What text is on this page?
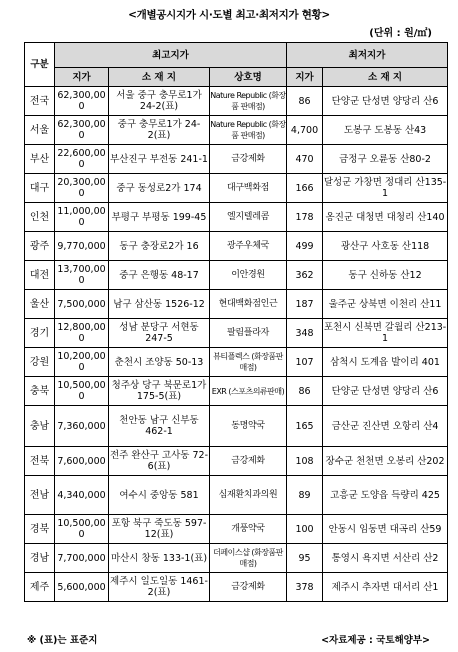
<개별공시지가 시·도별 최고·최저지가 현황>
(단위 : 원/㎡)
구분	최고지가			최저지가	
	지가	소 재 지	상호명	지가	소 재 지
전국	62,300,000	서울 중구 충무로1가 24-2(표)	Nature Republic (화장품 판매점)	86	단양군 단성면 양당리 산6
서울	62,300,000	중구 충무로1가 24-2(표)	Nature Republic (화장품 판매점)	4,700	도봉구 도봉동 산43
부산	22,600,000	부산진구 부전동 241-1	금강제화	470	금정구 오륜동 산80-2
대구	20,300,000	중구 동성로2가 174	대구백화점	166	달성군 가창면 정대리 산135-1
인천	11,000,000	부평구 부평동 199-45	엘지텔레콤	178	옹진군 대청면 대청리 산140
광주	9,770,000	동구 충장로2가 16	광주우체국	499	광산구 사호동 산118
대전	13,700,000	중구 은행동 48-17	이안경원	362	동구 신하동 산12
울산	7,500,000	남구 삼산동 1526-12	현대백화점인근	187	울주군 상북면 이천리 산11
경기	12,800,000	성남 분당구 서현동 247-5	팔림플라자	348	포천시 신북면 갈월리 산213-1
강원	10,200,000	춘천시 조양동 50-13	뷰티플렉스 (화장품판매점)	107	삼척시 도계읍 발이리 401
충북	10,500,000	청주상 당구 북문로1가 175-5(표)	EXR (스포츠의류판매)	86	단양군 단성면 양당리 산6
충남	7,360,000	천안동 남구 신부동 462-1	동명약국	165	금산군 진산면 오항리 산4
전북	7,600,000	전주 완산구 고사동 72-6(표)	금강제화	108	장수군 천천면 오봉리 산202
전남	4,340,000	여수시 중앙동 581	심재환치과의원	89	고흥군 도양읍 득량리 425
경북	10,500,000	포항 북구 죽도동 597-12(표)	개풍약국	100	안동시 임동면 대곡리 산59
경남	7,700,000	마산시 창동 133-1(표)	더페이스샵 (화장품판매점)	95	통영시 욕지면 서산리 산2
제주	5,600,000	제주시 일도일동 1461-2(표)	금강제화	378	제주시 추자면 대서리 산1
※ (표)는 표준지	<자료제공 : 국토해양부>
